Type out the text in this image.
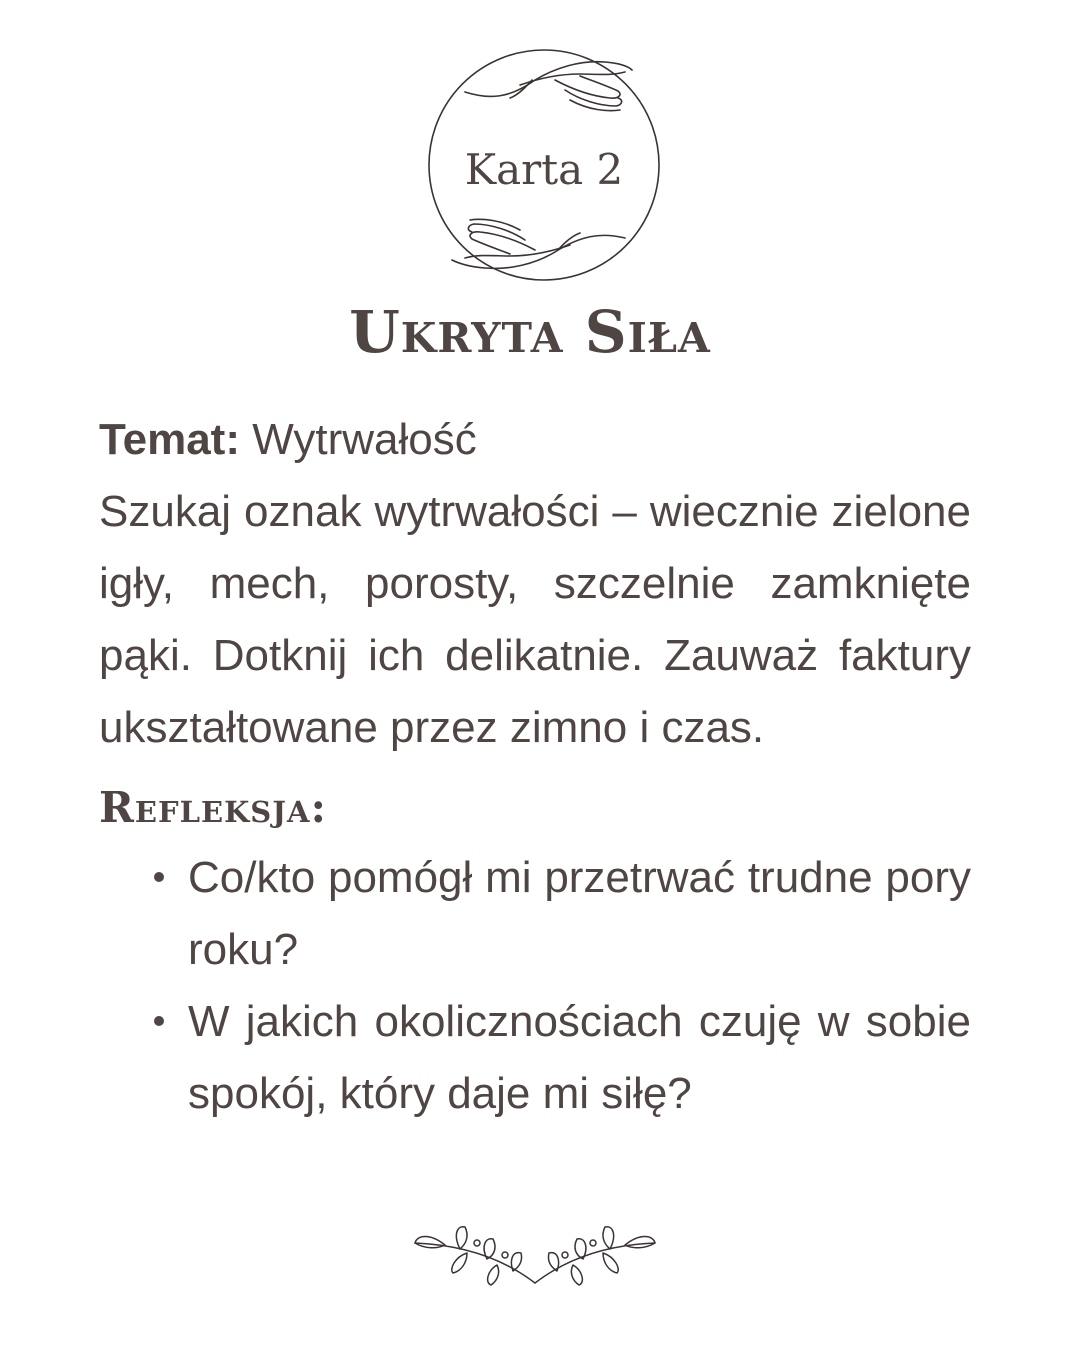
Karta 2
Ukryta Siła

Temat: Wytrwałość

Szukaj oznak wytrwałości – wiecznie zielone igły, mech, porosty, szczelnie zamknięte pąki. Dotknij ich delikatnie. Zauważ faktury ukształtowane przez zimno i czas.

Refleksja:
Co/kto pomógł mi przetrwać trudne pory roku?
W jakich okolicznościach czuję w sobie spokój, który daje mi siłę?
